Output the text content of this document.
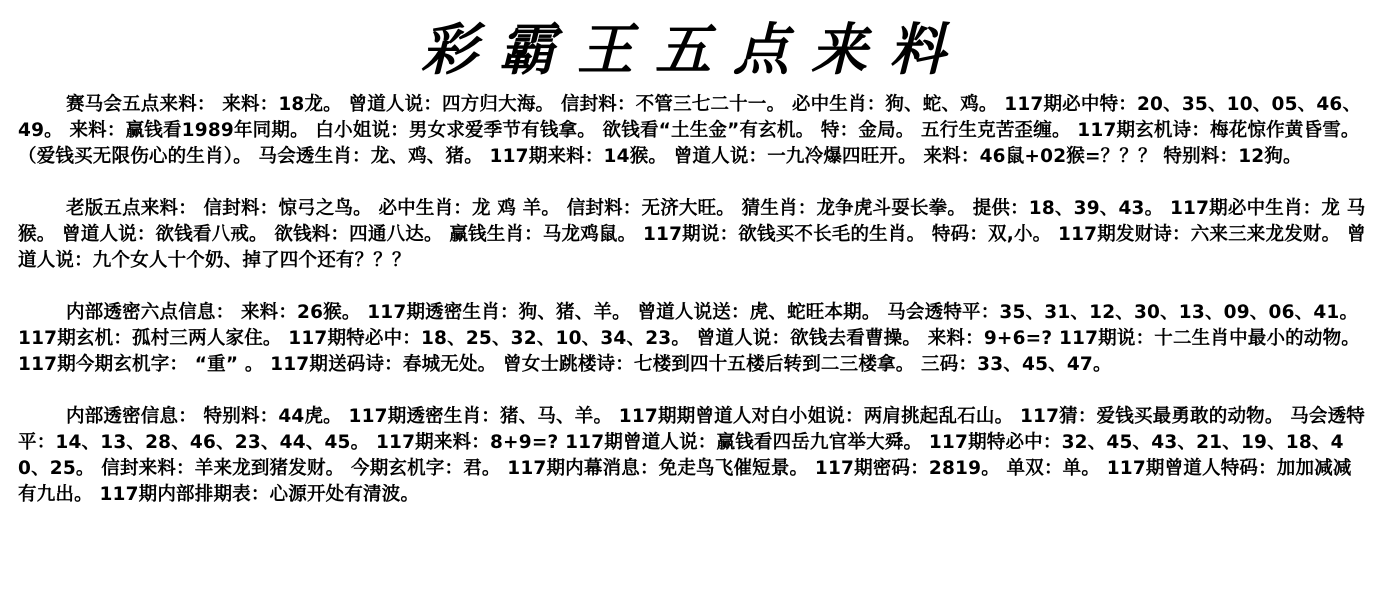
彩霸王五点来料

赛马会五点来料： 来料：18龙。 曾道人说：四方归大海。 信封料：不管三七二十一。 必中生肖：狗、蛇、鸡。 117期必中特：20、35、10、05、46、49。 来料：赢钱看1989年同期。 白小姐说：男女求爱季节有钱拿。 欲钱看“土生金”有玄机。 特：金局。 五行生克苦歪缠。 117期玄机诗：梅花惊作黄昏雪。（爱钱买无限伤心的生肖）。 马会透生肖：龙、鸡、猪。 117期来料：14猴。 曾道人说：一九冷爆四旺开。 来料：46鼠+02猴=？？？ 特别料：12狗。

老版五点来料： 信封料：惊弓之鸟。 必中生肖：龙 鸡 羊。 信封料：无济大旺。 猜生肖：龙争虎斗耍长拳。 提供：18、39、43。 117期必中生肖：龙 马 猴。 曾道人说：欲钱看八戒。 欲钱料：四通八达。 赢钱生肖：马龙鸡鼠。 117期说：欲钱买不长毛的生肖。 特码：双,小。 117期发财诗：六来三来龙发财。 曾道人说：九个女人十个奶、掉了四个还有？？？

内部透密六点信息： 来料：26猴。 117期透密生肖：狗、猪、羊。 曾道人说送：虎、蛇旺本期。 马会透特平：35、31、12、30、13、09、06、41。 117期玄机：孤村三两人家住。 117期特必中：18、25、32、10、34、23。 曾道人说：欲钱去看曹操。 来料：9+6=? 117期说：十二生肖中最小的动物。 117期今期玄机字： “重” 。 117期送码诗：春城无处。 曾女士跳楼诗：七楼到四十五楼后转到二三楼拿。 三码：33、45、47。

内部透密信息： 特别料：44虎。 117期透密生肖：猪、马、羊。 117期期曾道人对白小姐说：两肩挑起乱石山。 117猜：爱钱买最勇敢的动物。 马会透特平：14、13、28、46、23、44、45。 117期来料：8+9=? 117期曾道人说：赢钱看四岳九官举大舜。 117期特必中：32、45、43、21、19、18、40、25。 信封来料：羊来龙到猪发财。 今期玄机字：君。 117期内幕消息：免走鸟飞催短景。 117期密码：2819。 单双：单。 117期曾道人特码：加加减减有九出。 117期内部排期表：心源开处有清波。
